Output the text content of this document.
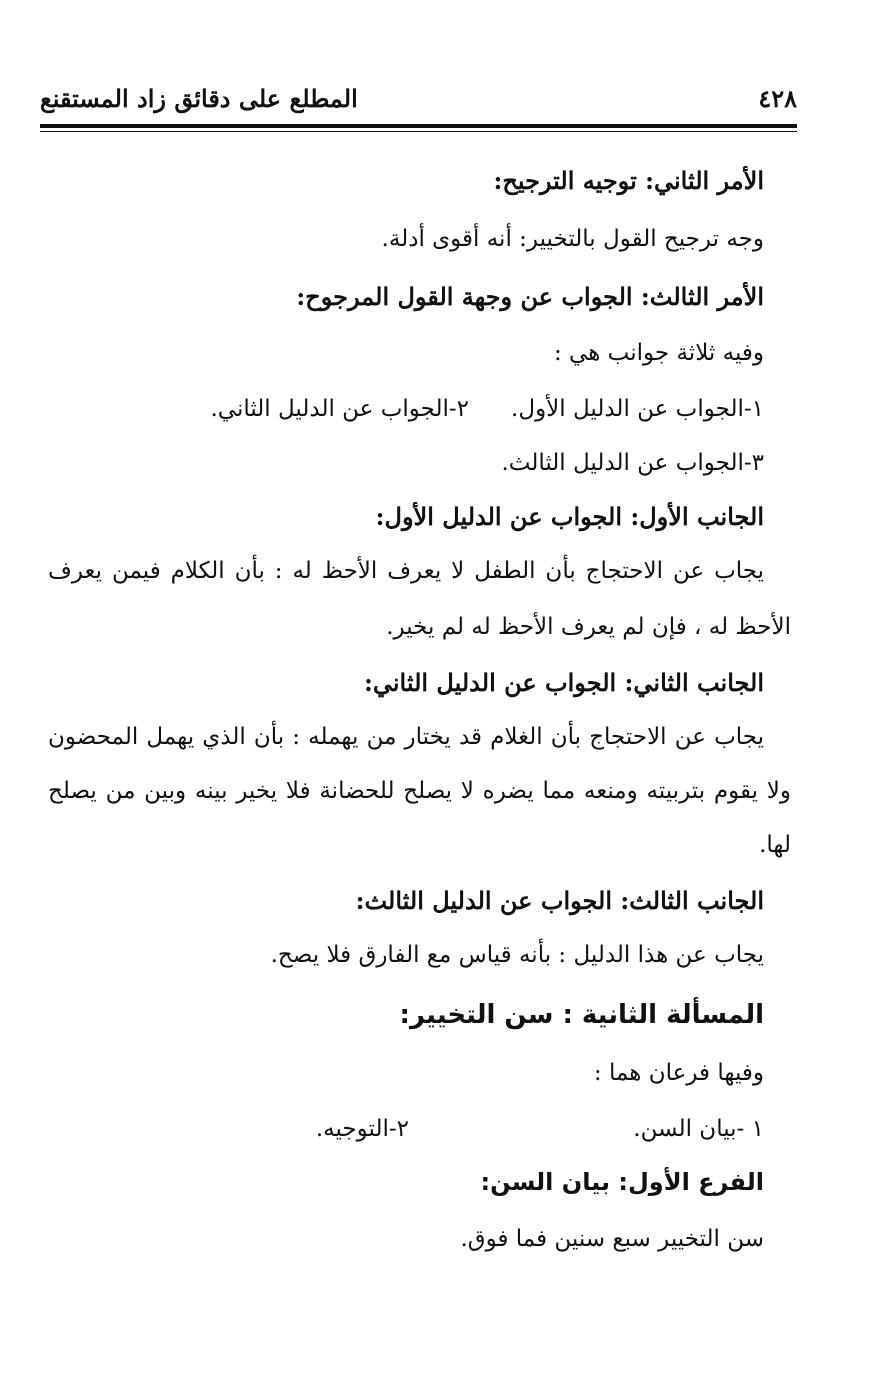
٤٢٨
المطلع على دقائق زاد المستقنع
الأمر الثاني: توجيه الترجيح:
وجه ترجيح القول بالتخيير: أنه أقوى أدلة.
الأمر الثالث: الجواب عن وجهة القول المرجوح:
وفيه ثلاثة جوانب هي :
١-الجواب عن الدليل الأول.
٢-الجواب عن الدليل الثاني.
٣-الجواب عن الدليل الثالث.
الجانب الأول: الجواب عن الدليل الأول:
يجاب عن الاحتجاج بأن الطفل لا يعرف الأحظ له : بأن الكلام فيمن يعرف
الأحظ له ، فإن لم يعرف الأحظ له لم يخير.
الجانب الثاني: الجواب عن الدليل الثاني:
يجاب عن الاحتجاج بأن الغلام قد يختار من يهمله : بأن الذي يهمل المحضون
ولا يقوم بتربيته ومنعه مما يضره لا يصلح للحضانة فلا يخير بينه وبين من يصلح
لها.
الجانب الثالث: الجواب عن الدليل الثالث:
يجاب عن هذا الدليل : بأنه قياس مع الفارق فلا يصح.
المسألة الثانية : سن التخيير:
وفيها فرعان هما :
١ -بيان السن.
٢-التوجيه.
الفرع الأول: بيان السن:
سن التخيير سبع سنين فما فوق.
